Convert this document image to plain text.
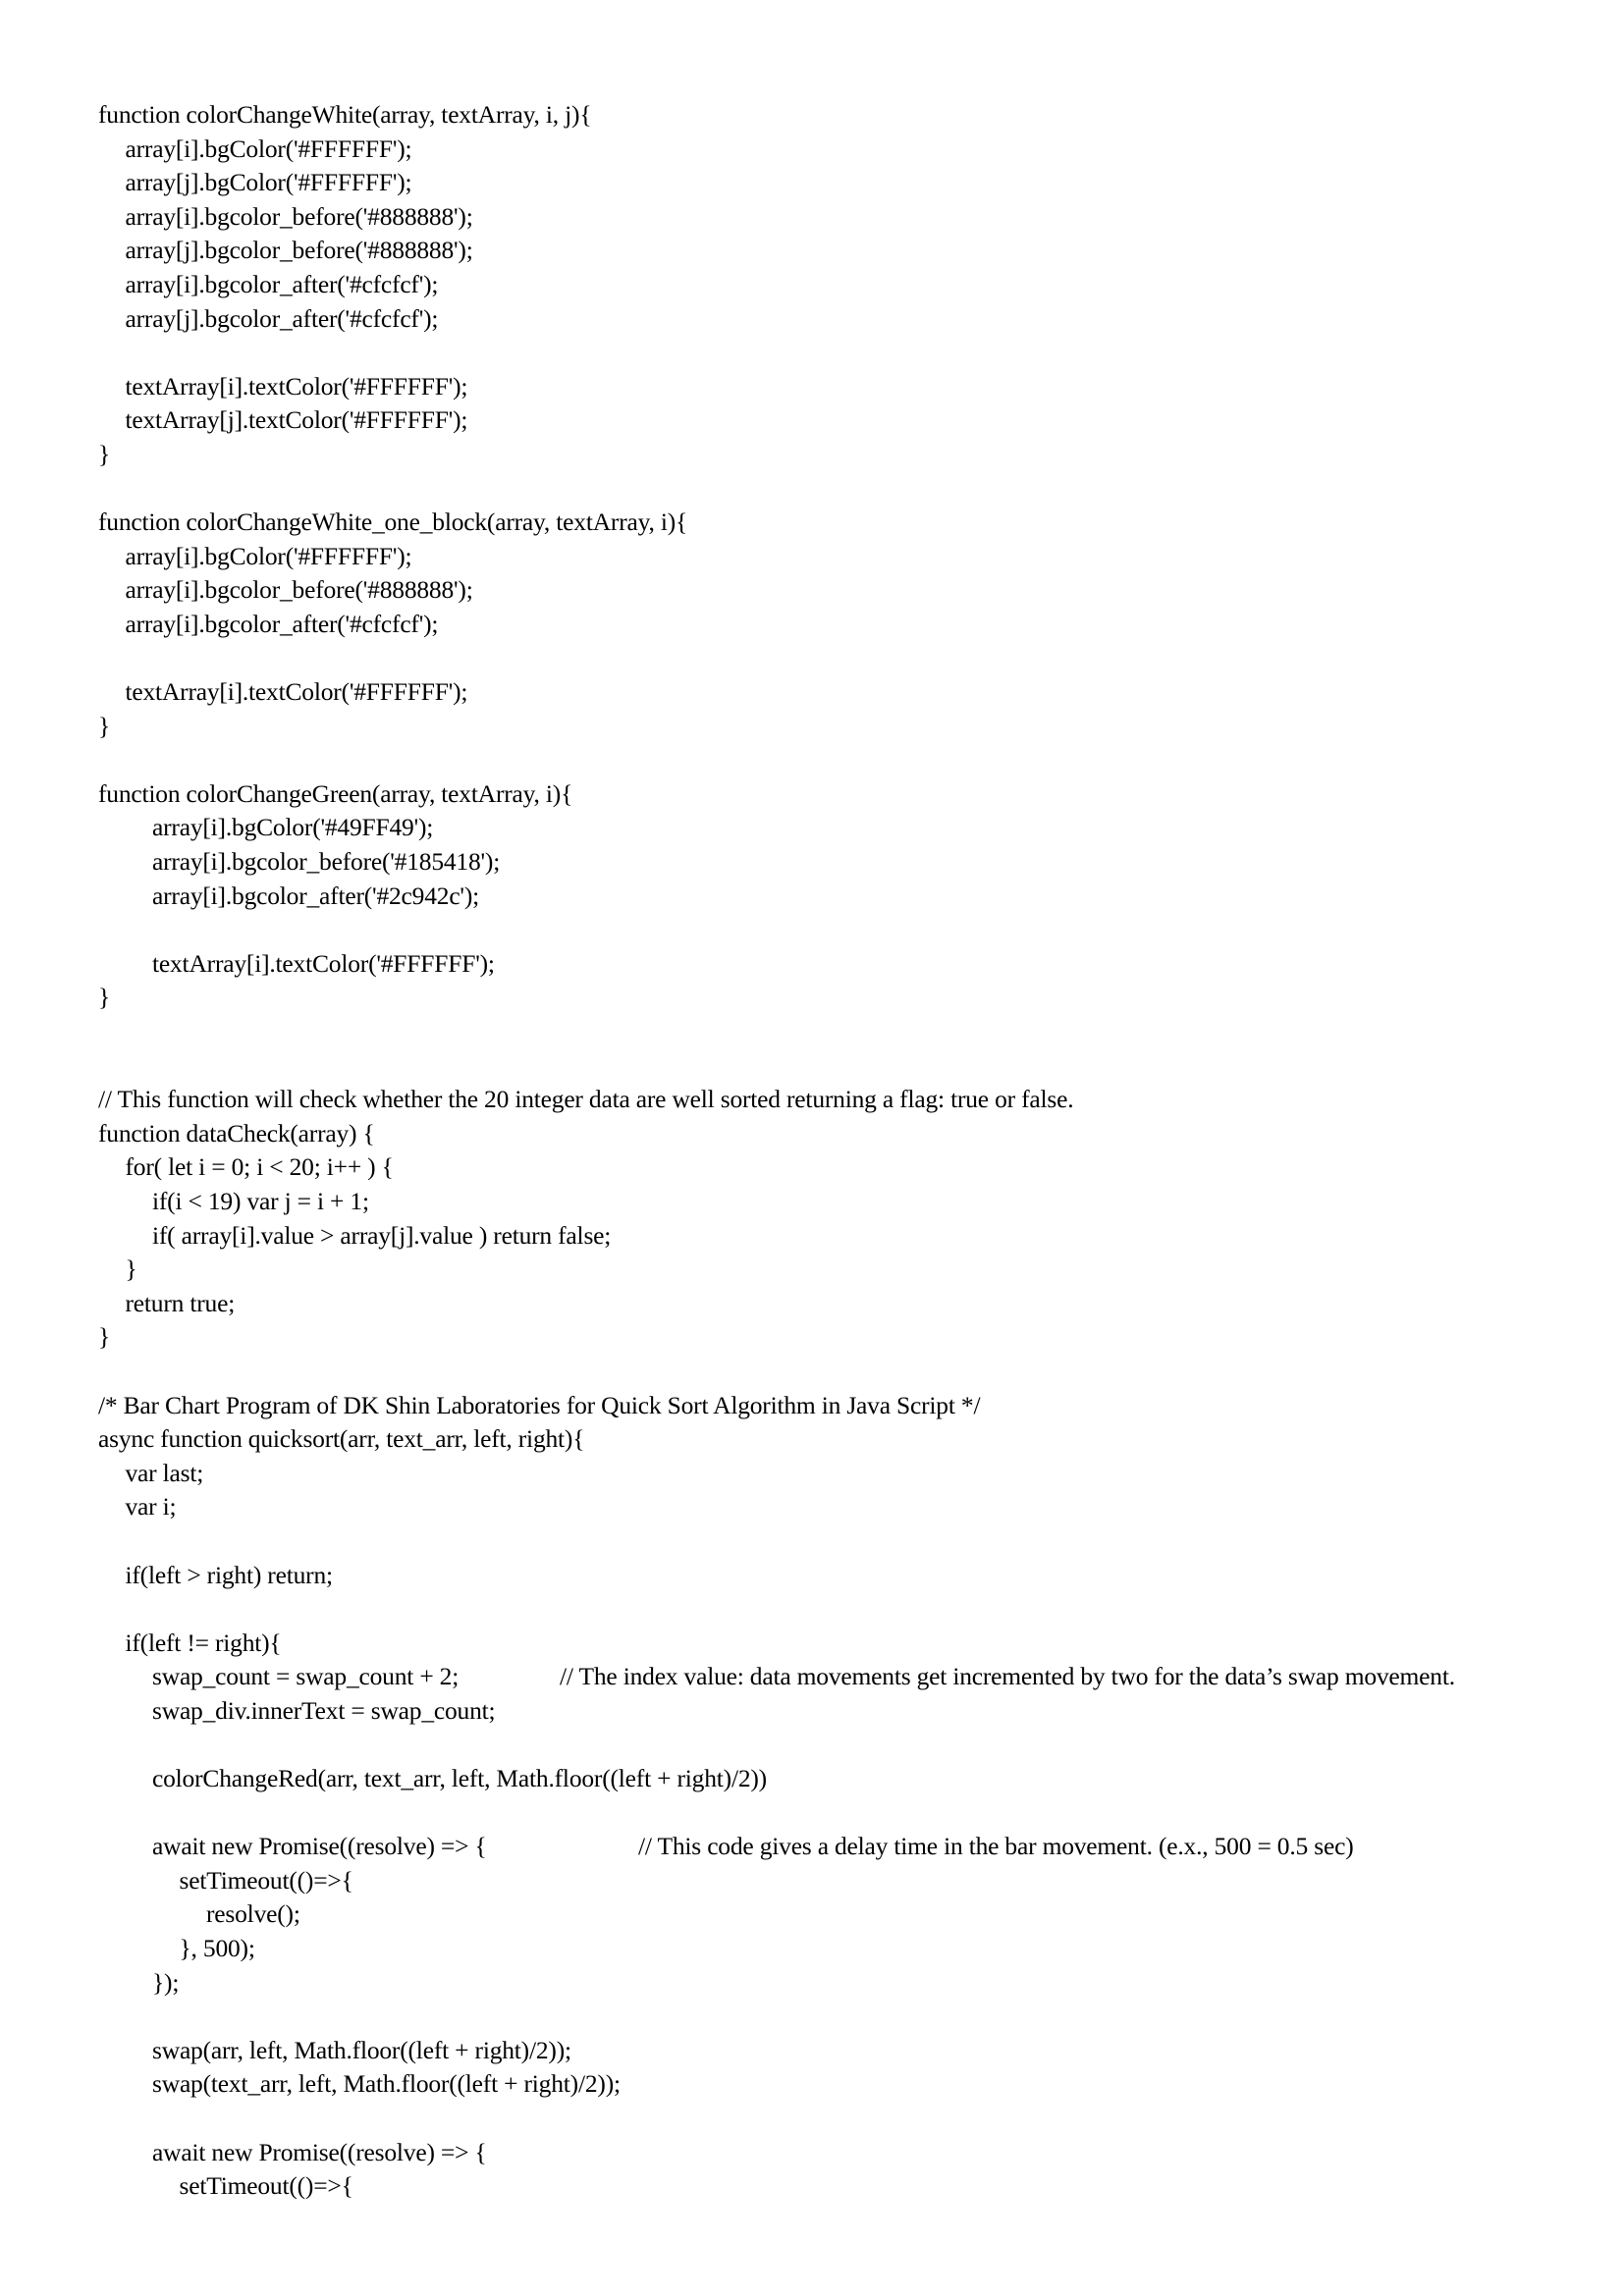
function colorChangeWhite(array, textArray, i, j){
array[i].bgColor('#FFFFFF');
array[j].bgColor('#FFFFFF');
array[i].bgcolor_before('#888888');
array[j].bgcolor_before('#888888');
array[i].bgcolor_after('#cfcfcf');
array[j].bgcolor_after('#cfcfcf');
textArray[i].textColor('#FFFFFF');
textArray[j].textColor('#FFFFFF');
}
function colorChangeWhite_one_block(array, textArray, i){
array[i].bgColor('#FFFFFF');
array[i].bgcolor_before('#888888');
array[i].bgcolor_after('#cfcfcf');
textArray[i].textColor('#FFFFFF');
}
function colorChangeGreen(array, textArray, i){
array[i].bgColor('#49FF49');
array[i].bgcolor_before('#185418');
array[i].bgcolor_after('#2c942c');
textArray[i].textColor('#FFFFFF');
}
// This function will check whether the 20 integer data are well sorted returning a flag: true or false.
function dataCheck(array) {
for( let i = 0; i < 20; i++ ) {
if(i < 19) var j = i + 1;
if( array[i].value > array[j].value ) return false;
}
return true;
}
/* Bar Chart Program of DK Shin Laboratories for Quick Sort Algorithm in Java Script */
async function quicksort(arr, text_arr, left, right){
var last;
var i;
if(left > right) return;
if(left != right){
swap_count = swap_count + 2;	// The index value: data movements get incremented by two for the data’s swap movement.
swap_div.innerText = swap_count;
colorChangeRed(arr, text_arr, left, Math.floor((left + right)/2))
await new Promise((resolve) => {	// This code gives a delay time in the bar movement. (e.x., 500 = 0.5 sec)
setTimeout(()=>{
resolve();
}, 500);
});
swap(arr, left, Math.floor((left + right)/2));
swap(text_arr, left, Math.floor((left + right)/2));
await new Promise((resolve) => {
setTimeout(()=>{
